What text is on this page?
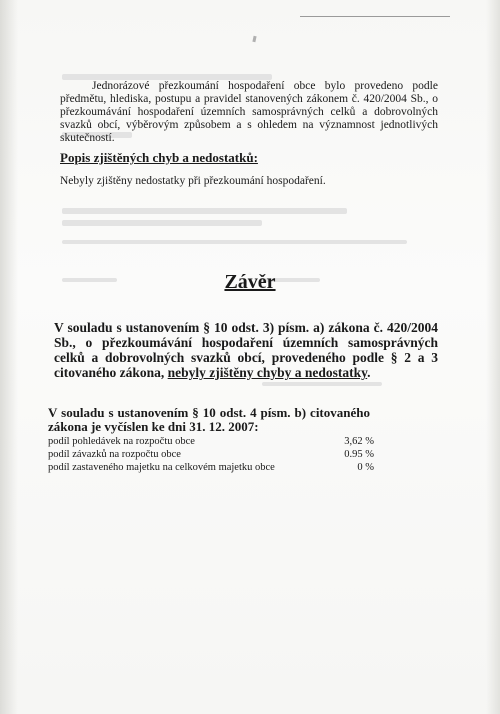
Jednorázové přezkoumání hospodaření obce bylo provedeno podle předmětu, hlediska, postupu a pravidel stanovených zákonem č. 420/2004 Sb., o přezkoumávání hospodaření územních samosprávných celků a dobrovolných svazků obcí, výběrovým způsobem a s ohledem na významnost jednotlivých skutečností.
Popis zjištěných chyb a nedostatků:
Nebyly zjištěny nedostatky při přezkoumání hospodaření.
Závěr
V souladu s ustanovením § 10 odst. 3) písm. a) zákona č. 420/2004 Sb., o přezkoumávání hospodaření územních samosprávných celků a dobrovolných svazků obcí, provedeného podle § 2 a 3 citovaného zákona, nebyly zjištěny chyby a nedostatky.
V souladu s ustanovením § 10 odst. 4 písm. b) citovaného zákona je vyčíslen ke dni 31. 12. 2007:
podíl pohledávek na rozpočtu obce	3,62 %
podíl závazků na rozpočtu obce	0.95 %
podíl zastaveného majetku na celkovém majetku obce	0 %
